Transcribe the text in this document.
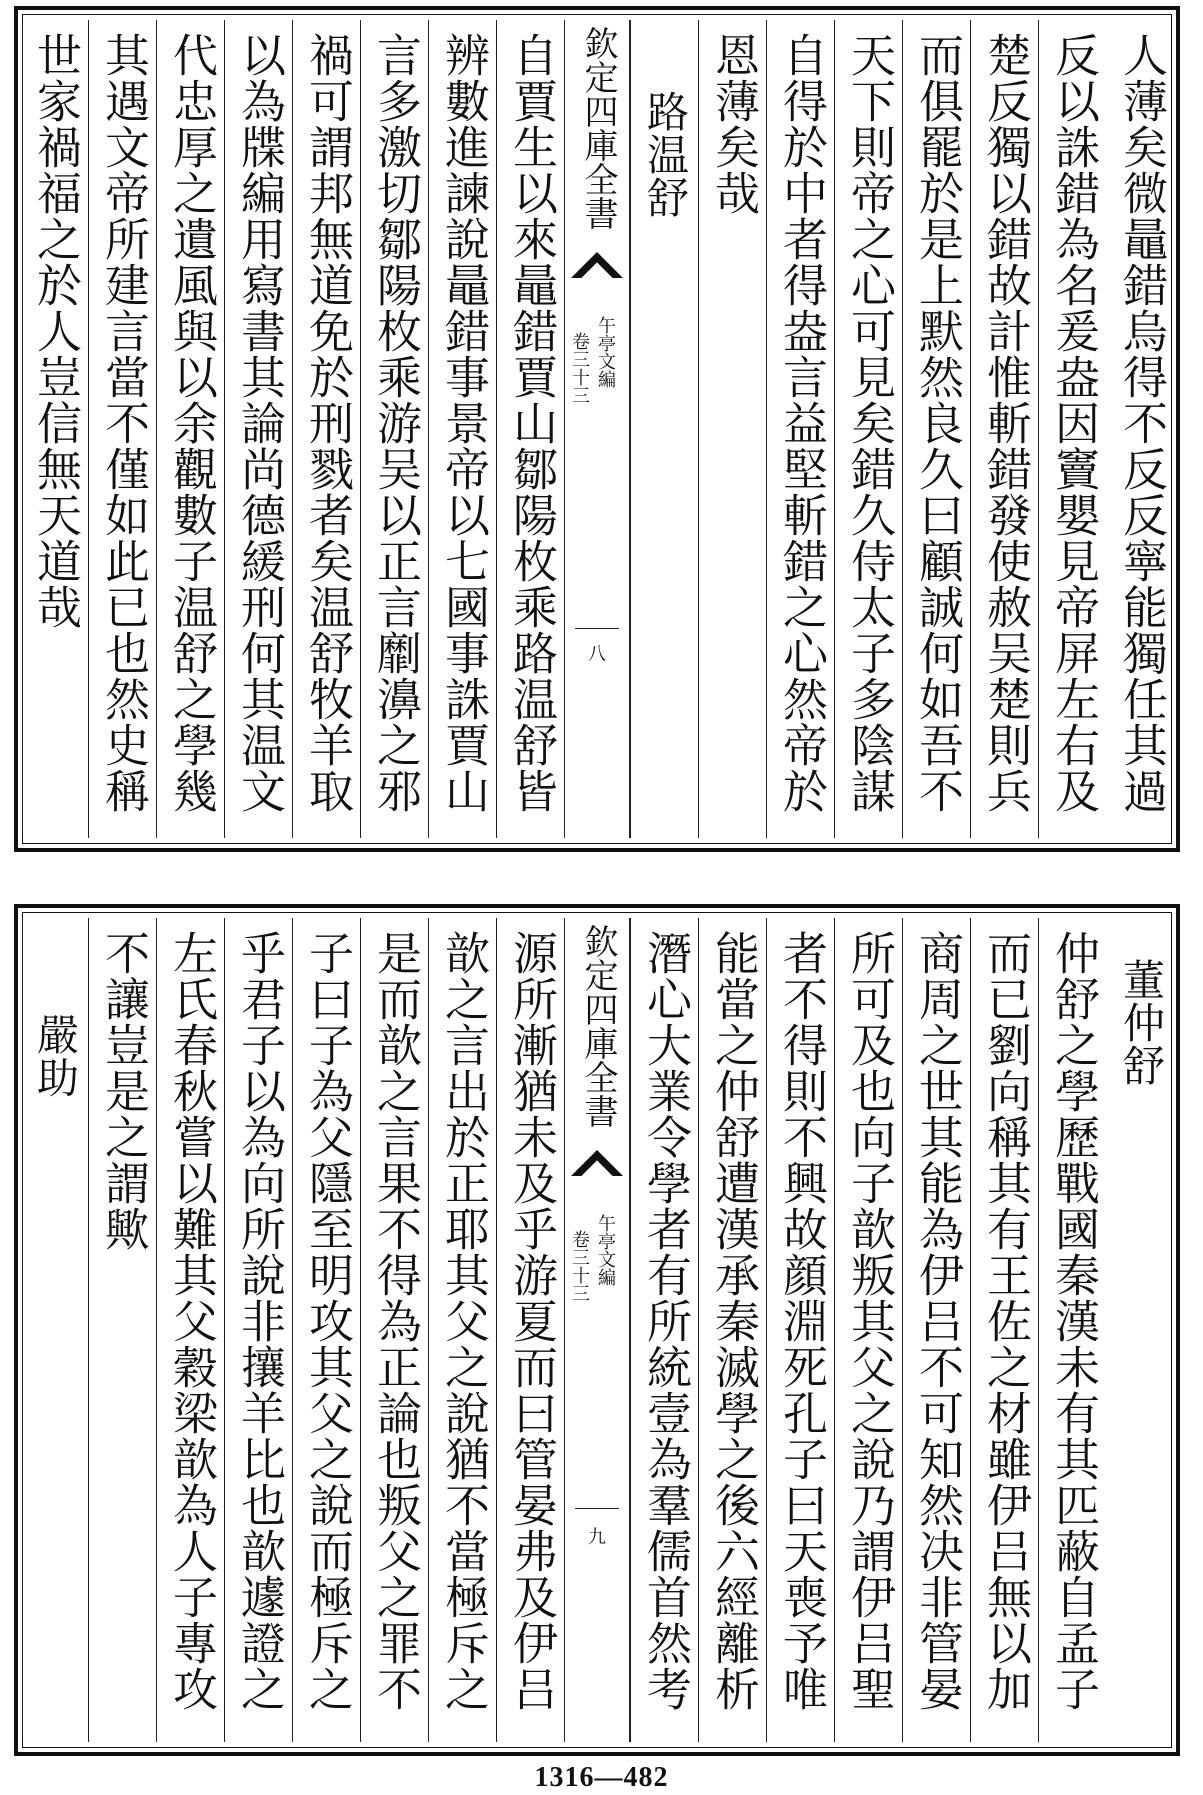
人薄矣微鼂錯烏得不反反寧能獨任其過
反以誅錯為名爰盎因竇嬰見帝屏左右及
楚反獨以錯故計惟斬錯發使赦吴楚則兵
而俱罷於是上默然良久曰顧誠何如吾不
天下則帝之心可見矣錯久侍太子多陰謀
自得於中者得盎言益堅斬錯之心然帝於
恩薄矣哉
路温舒
欽定四庫全書
卷三十三 午亭文編
八
自賈生以來鼂錯賈山鄒陽枚乘路温舒皆
辨數進諫說鼂錯事景帝以七國事誅賈山
言多激切鄒陽枚乘游吴以正言劘濞之邪
禍可謂邦無道免於刑戮者矣温舒牧羊取
以為牒編用寫書其論尚德緩刑何其温文
代忠厚之遺風與以余觀數子温舒之學幾
其遇文帝所建言當不僅如此已也然史稱
世家禍福之於人豈信無天道哉
董仲舒
仲舒之學歷戰國秦漢未有其匹蔽自孟子
而已劉向稱其有王佐之材雖伊吕無以加
商周之世其能為伊吕不可知然决非管晏
所可及也向子歆叛其父之說乃謂伊吕聖
者不得則不興故顔淵死孔子曰天喪予唯
能當之仲舒遭漢承秦滅學之後六經離析
潛心大業令學者有所統壹為羣儒首然考
欽定四庫全書
卷三十三 午亭文編
九
源所漸猶未及乎游夏而曰管晏弗及伊吕
歆之言出於正耶其父之說猶不當極斥之
是而歆之言果不得為正論也叛父之罪不
子曰子為父隱至明攻其父之說而極斥之
乎君子以為向所說非攘羊比也歆遽證之
左氏春秋嘗以難其父穀梁歆為人子專攻
不讓豈是之謂歟
嚴助
1316—482
